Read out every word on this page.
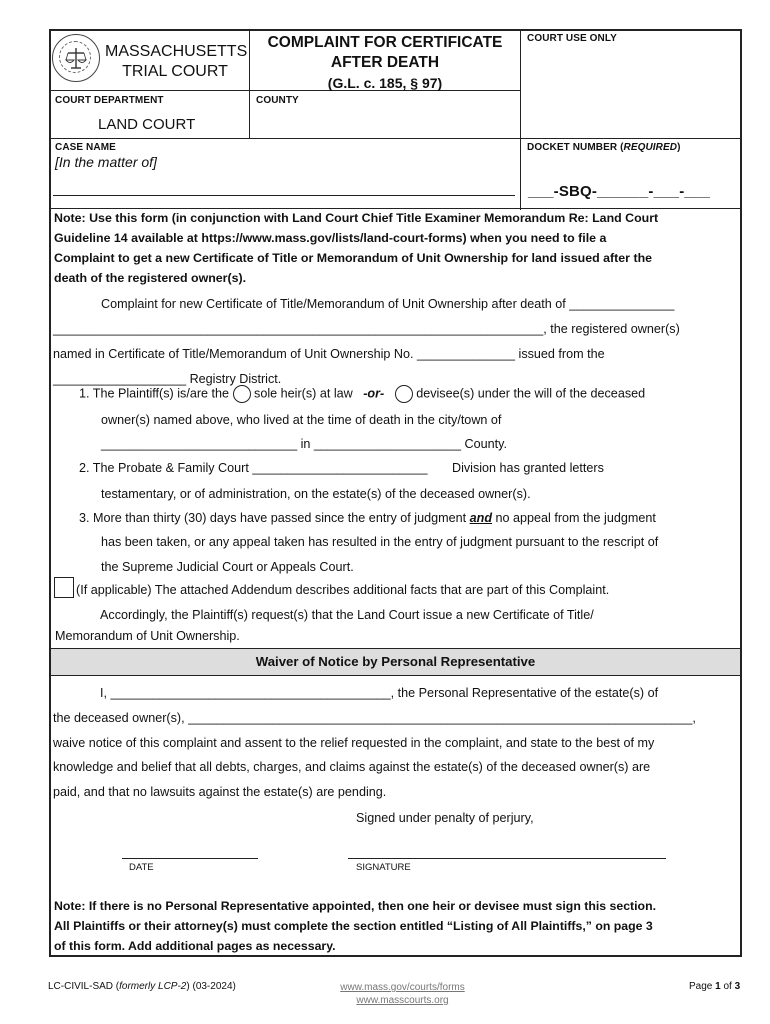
MASSACHUSETTS
TRIAL COURT
COMPLAINT FOR CERTIFICATE
AFTER DEATH
(G.L. c. 185, § 97)
COURT USE ONLY
COURT DEPARTMENT
LAND COURT
COUNTY
CASE NAME
[In the matter of]
DOCKET NUMBER (REQUIRED)
___-SBQ-______-___-___
Note: Use this form (in conjunction with Land Court Chief Title Examiner Memorandum Re: Land Court
Guideline 14 available at https://www.mass.gov/lists/land-court-forms) when you need to file a
Complaint to get a new Certificate of Title or Memorandum of Unit Ownership for land issued after the
death of the registered owner(s).
Complaint for new Certificate of Title/Memorandum of Unit Ownership after death of _______________
______________________________________________________________________, the registered owner(s)
named in Certificate of Title/Memorandum of Unit Ownership No. ______________ issued from the
___________________ Registry District.
1. The Plaintiff(s) is/are the sole heir(s) at law -or-	devisee(s) under the will of the deceased
owner(s) named above, who lived at the time of death in the city/town of
____________________________ in _____________________ County.
2. The Probate & Family Court _________________________ Division has granted letters
testamentary, or of administration, on the estate(s) of the deceased owner(s).
3. More than thirty (30) days have passed since the entry of judgment and no appeal from the judgment
has been taken, or any appeal taken has resulted in the entry of judgment pursuant to the rescript of
the Supreme Judicial Court or Appeals Court.
(If applicable) The attached Addendum describes additional facts that are part of this Complaint.
Accordingly, the Plaintiff(s) request(s) that the Land Court issue a new Certificate of Title/
Memorandum of Unit Ownership.
Waiver of Notice by Personal Representative
I, ________________________________________, the Personal Representative of the estate(s) of
the deceased owner(s), ________________________________________________________________________,
waive notice of this complaint and assent to the relief requested in the complaint, and state to the best of my
knowledge and belief that all debts, charges, and claims against the estate(s) of the deceased owner(s) are
paid, and that no lawsuits against the estate(s) are pending.
Signed under penalty of perjury,
DATE	SIGNATURE
Note: If there is no Personal Representative appointed, then one heir or devisee must sign this section.
All Plaintiffs or their attorney(s) must complete the section entitled “Listing of All Plaintiffs,” on page 3
of this form. Add additional pages as necessary.
LC-CIVIL-SAD (formerly LCP-2) (03-2024)	www.mass.gov/courts/forms
www.masscourts.org
Page 1 of 3
